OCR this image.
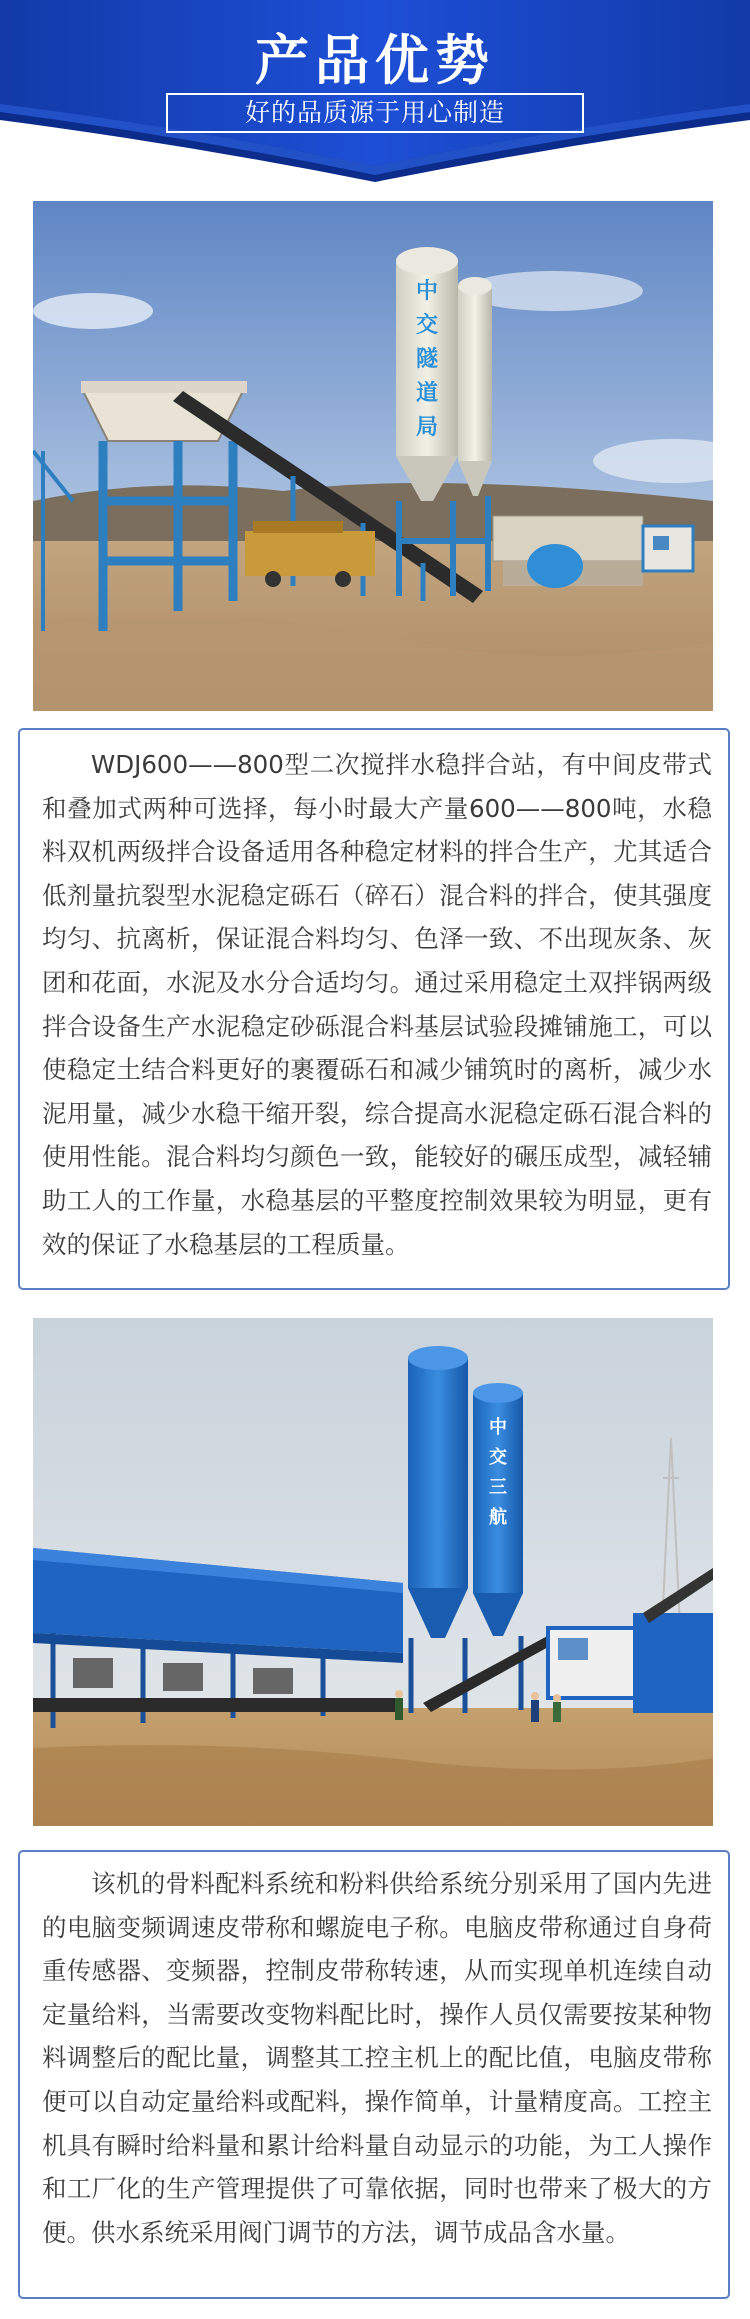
产品优势
好的品质源于用心制造
中
交
隧
道
局

WDJ600——800型二次搅拌水稳拌合站，有中间皮带式和叠加式两种可选择，每小时最大产量600——800吨，水稳料双机两级拌合设备适用各种稳定材料的拌合生产，尤其适合低剂量抗裂型水泥稳定砾石（碎石）混合料的拌合，使其强度均匀、抗离析，保证混合料均匀、色泽一致、不出现灰条、灰团和花面，水泥及水分合适均匀。通过采用稳定土双拌锅两级拌合设备生产水泥稳定砂砾混合料基层试验段摊铺施工，可以使稳定土结合料更好的裹覆砾石和减少铺筑时的离析，减少水泥用量，减少水稳干缩开裂，综合提高水泥稳定砾石混合料的使用性能。混合料均匀颜色一致，能较好的碾压成型，减轻辅助工人的工作量，水稳基层的平整度控制效果较为明显，更有效的保证了水稳基层的工程质量。

中
交
三
航

该机的骨料配料系统和粉料供给系统分别采用了国内先进的电脑变频调速皮带称和螺旋电子称。电脑皮带称通过自身荷重传感器、变频器，控制皮带称转速，从而实现单机连续自动定量给料，当需要改变物料配比时，操作人员仅需要按某种物料调整后的配比量，调整其工控主机上的配比值，电脑皮带称便可以自动定量给料或配料，操作简单，计量精度高。工控主机具有瞬时给料量和累计给料量自动显示的功能，为工人操作和工厂化的生产管理提供了可靠依据，同时也带来了极大的方便。供水系统采用阀门调节的方法，调节成品含水量。
